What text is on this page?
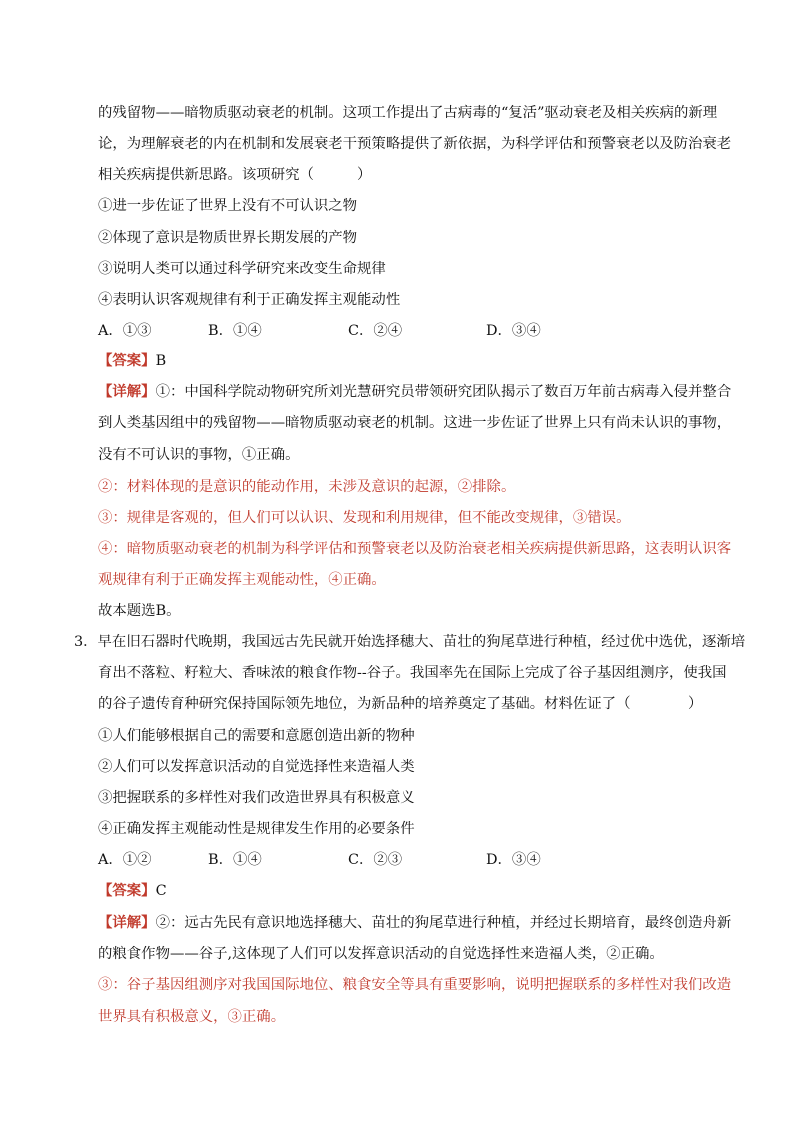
的残留物——暗物质驱动衰老的机制。这项工作提出了古病毒的“复活”驱动衰老及相关疾病的新理
论，为理解衰老的内在机制和发展衰老干预策略提供了新依据，为科学评估和预警衰老以及防治衰老
相关疾病提供新思路。该项研究（　　　）
①进一步佐证了世界上没有不可认识之物
②体现了意识是物质世界长期发展的产物
③说明人类可以通过科学研究来改变生命规律
④表明认识客观规律有利于正确发挥主观能动性
A．①③	B．①④	C．②④	D．③④
【答案】B
【详解】①：中国科学院动物研究所刘光慧研究员带领研究团队揭示了数百万年前古病毒入侵并整合
到人类基因组中的残留物——暗物质驱动衰老的机制。这进一步佐证了世界上只有尚未认识的事物，
没有不可认识的事物，①正确。
②：材料体现的是意识的能动作用，未涉及意识的起源，②排除。
③：规律是客观的，但人们可以认识、发现和利用规律，但不能改变规律，③错误。
④：暗物质驱动衰老的机制为科学评估和预警衰老以及防治衰老相关疾病提供新思路，这表明认识客
观规律有利于正确发挥主观能动性，④正确。
故本题选B。
3．早在旧石器时代晚期，我国远古先民就开始选择穗大、苗壮的狗尾草进行种植，经过优中选优，逐渐培
育出不落粒、籽粒大、香味浓的粮食作物--谷子。我国率先在国际上完成了谷子基因组测序，使我国
的谷子遗传育种研究保持国际领先地位，为新品种的培养奠定了基础。材料佐证了（　　　　）
①人们能够根据自己的需要和意愿创造出新的物种
②人们可以发挥意识活动的自觉选择性来造福人类
③把握联系的多样性对我们改造世界具有积极意义
④正确发挥主观能动性是规律发生作用的必要条件
A．①②	B．①④	C．②③	D．③④
【答案】C
【详解】②：远古先民有意识地选择穗大、苗壮的狗尾草进行种植，并经过长期培育，最终创造舟新
的粮食作物——谷子,这体现了人们可以发挥意识活动的自觉选择性来造福人类，②正确。
③：谷子基因组测序对我国国际地位、粮食安全等具有重要影响，说明把握联系的多样性对我们改造
世界具有积极意义，③正确。
